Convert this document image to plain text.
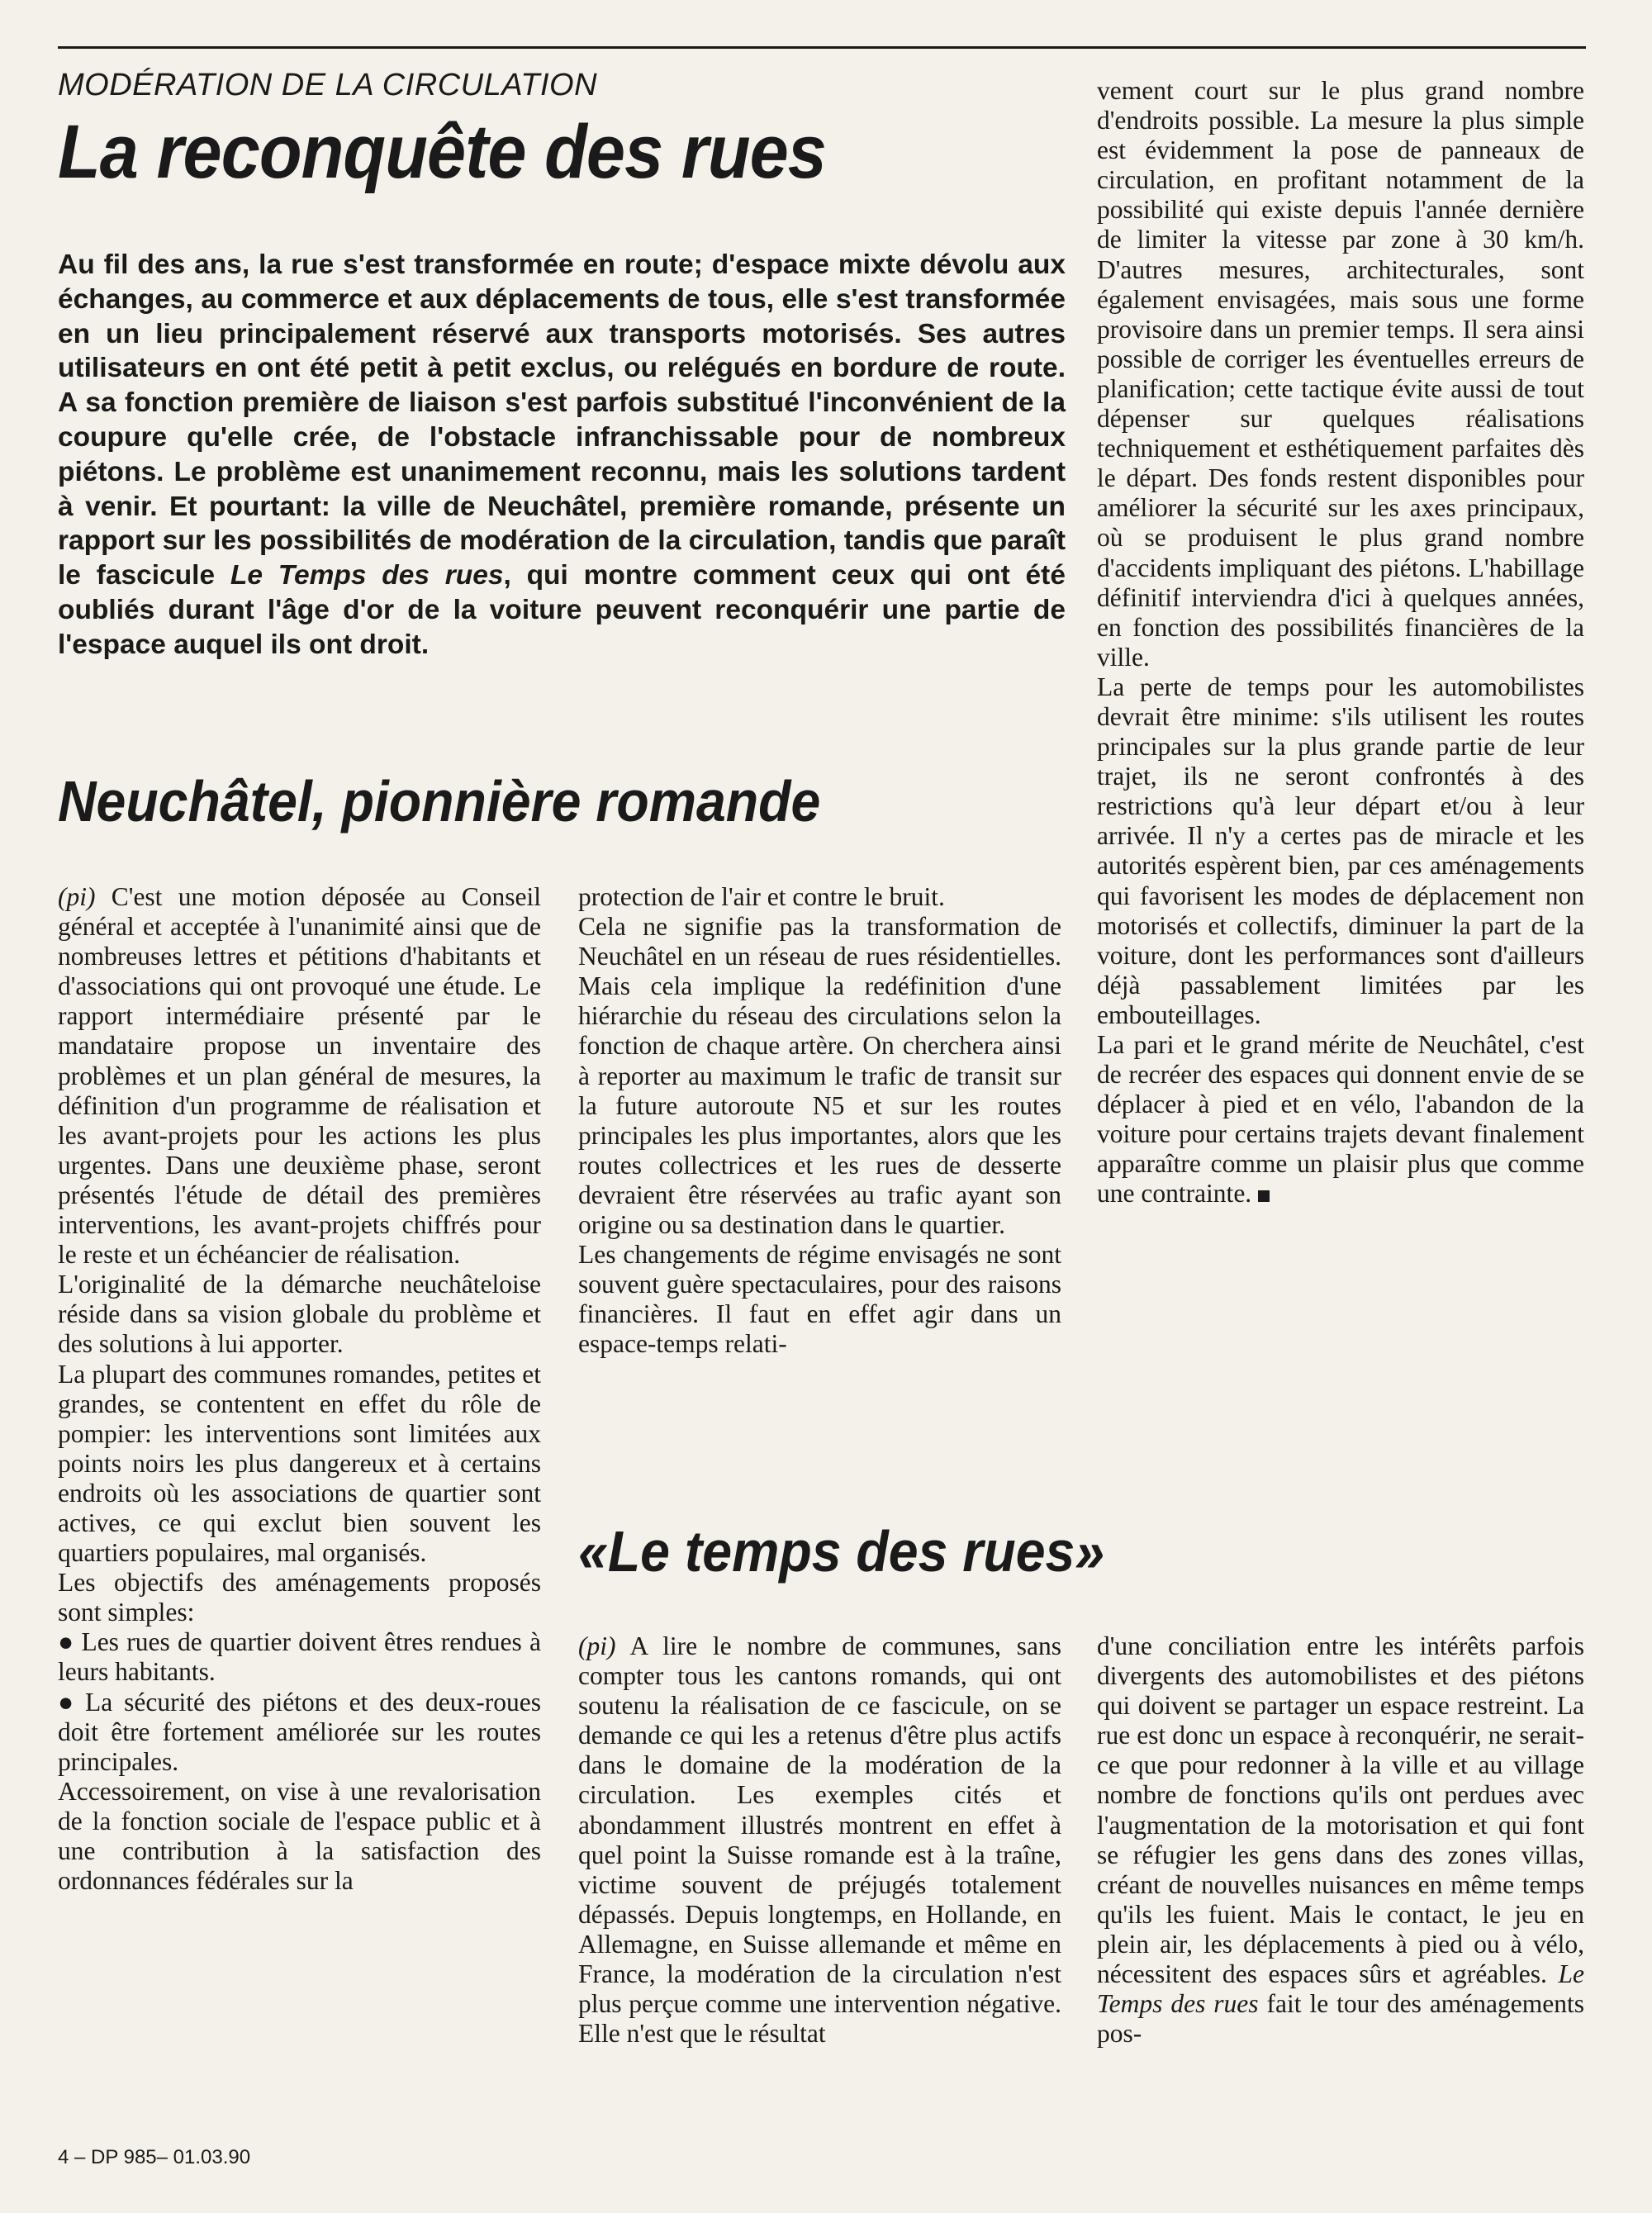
MODÉRATION DE LA CIRCULATION
La reconquête des rues

Au fil des ans, la rue s'est transformée en route; d'espace mixte dévolu aux échanges, au commerce et aux déplacements de tous, elle s'est transformée en un lieu principalement réservé aux transports motorisés. Ses autres utilisateurs en ont été petit à petit exclus, ou relégués en bordure de route. A sa fonction première de liaison s'est parfois substitué l'inconvénient de la coupure qu'elle crée, de l'obstacle infranchissable pour de nombreux piétons. Le problème est unanimement reconnu, mais les solutions tardent à venir. Et pourtant: la ville de Neuchâtel, première romande, présente un rapport sur les possibilités de modération de la circulation, tandis que paraît le fascicule Le Temps des rues, qui montre comment ceux qui ont été oubliés durant l'âge d'or de la voiture peuvent reconquérir une partie de l'espace auquel ils ont droit.

Neuchâtel, pionnière romande

(pi) C'est une motion déposée au Conseil général et acceptée à l'unanimité ainsi que de nombreuses lettres et pétitions d'habitants et d'associations qui ont provoqué une étude. Le rapport intermédiaire présenté par le mandataire propose un inventaire des problèmes et un plan général de mesures, la définition d'un programme de réalisation et les avant-projets pour les actions les plus urgentes. Dans une deuxième phase, seront présentés l'étude de détail des premières interventions, les avant-projets chiffrés pour le reste et un échéancier de réalisation.

L'originalité de la démarche neuchâteloise réside dans sa vision globale du problème et des solutions à lui apporter.

La plupart des communes romandes, petites et grandes, se contentent en effet du rôle de pompier: les interventions sont limitées aux points noirs les plus dangereux et à certains endroits où les associations de quartier sont actives, ce qui exclut bien souvent les quartiers populaires, mal organisés.

Les objectifs des aménagements proposés sont simples:

● Les rues de quartier doivent êtres rendues à leurs habitants.

● La sécurité des piétons et des deux-roues doit être fortement améliorée sur les routes principales.

Accessoirement, on vise à une revalorisation de la fonction sociale de l'espace public et à une contribution à la satisfaction des ordonnances fédérales sur la

protection de l'air et contre le bruit.

Cela ne signifie pas la transformation de Neuchâtel en un réseau de rues résidentielles. Mais cela implique la redéfinition d'une hiérarchie du réseau des circulations selon la fonction de chaque artère. On cherchera ainsi à reporter au maximum le trafic de transit sur la future autoroute N5 et sur les routes principales les plus importantes, alors que les routes collectrices et les rues de desserte devraient être réservées au trafic ayant son origine ou sa destination dans le quartier.

Les changements de régime envisagés ne sont souvent guère spectaculaires, pour des raisons financières. Il faut en effet agir dans un espace-temps relati-

«Le temps des rues»

(pi) A lire le nombre de communes, sans compter tous les cantons romands, qui ont soutenu la réalisation de ce fascicule, on se demande ce qui les a retenus d'être plus actifs dans le domaine de la modération de la circulation. Les exemples cités et abondamment illustrés montrent en effet à quel point la Suisse romande est à la traîne, victime souvent de préjugés totalement dépassés. Depuis longtemps, en Hollande, en Allemagne, en Suisse allemande et même en France, la modération de la circulation n'est plus perçue comme une intervention négative. Elle n'est que le résultat

vement court sur le plus grand nombre d'endroits possible. La mesure la plus simple est évidemment la pose de panneaux de circulation, en profitant notamment de la possibilité qui existe depuis l'année dernière de limiter la vitesse par zone à 30 km/h. D'autres mesures, architecturales, sont également envisagées, mais sous une forme provisoire dans un premier temps. Il sera ainsi possible de corriger les éventuelles erreurs de planification; cette tactique évite aussi de tout dépenser sur quelques réalisations techniquement et esthétiquement parfaites dès le départ. Des fonds restent disponibles pour améliorer la sécurité sur les axes principaux, où se produisent le plus grand nombre d'accidents impliquant des piétons. L'habillage définitif interviendra d'ici à quelques années, en fonction des possibilités financières de la ville.

La perte de temps pour les automobilistes devrait être minime: s'ils utilisent les routes principales sur la plus grande partie de leur trajet, ils ne seront confrontés à des restrictions qu'à leur départ et/ou à leur arrivée. Il n'y a certes pas de miracle et les autorités espèrent bien, par ces aménagements qui favorisent les modes de déplacement non motorisés et collectifs, diminuer la part de la voiture, dont les performances sont d'ailleurs déjà passablement limitées par les embouteillages.

La pari et le grand mérite de Neuchâtel, c'est de recréer des espaces qui donnent envie de se déplacer à pied et en vélo, l'abandon de la voiture pour certains trajets devant finalement apparaître comme un plaisir plus que comme une contrainte.

d'une conciliation entre les intérêts parfois divergents des automobilistes et des piétons qui doivent se partager un espace restreint. La rue est donc un espace à reconquérir, ne serait-ce que pour redonner à la ville et au village nombre de fonctions qu'ils ont perdues avec l'augmentation de la motorisation et qui font se réfugier les gens dans des zones villas, créant de nouvelles nuisances en même temps qu'ils les fuient. Mais le contact, le jeu en plein air, les déplacements à pied ou à vélo, nécessitent des espaces sûrs et agréables. Le Temps des rues fait le tour des aménagements pos-

4 – DP 985– 01.03.90
